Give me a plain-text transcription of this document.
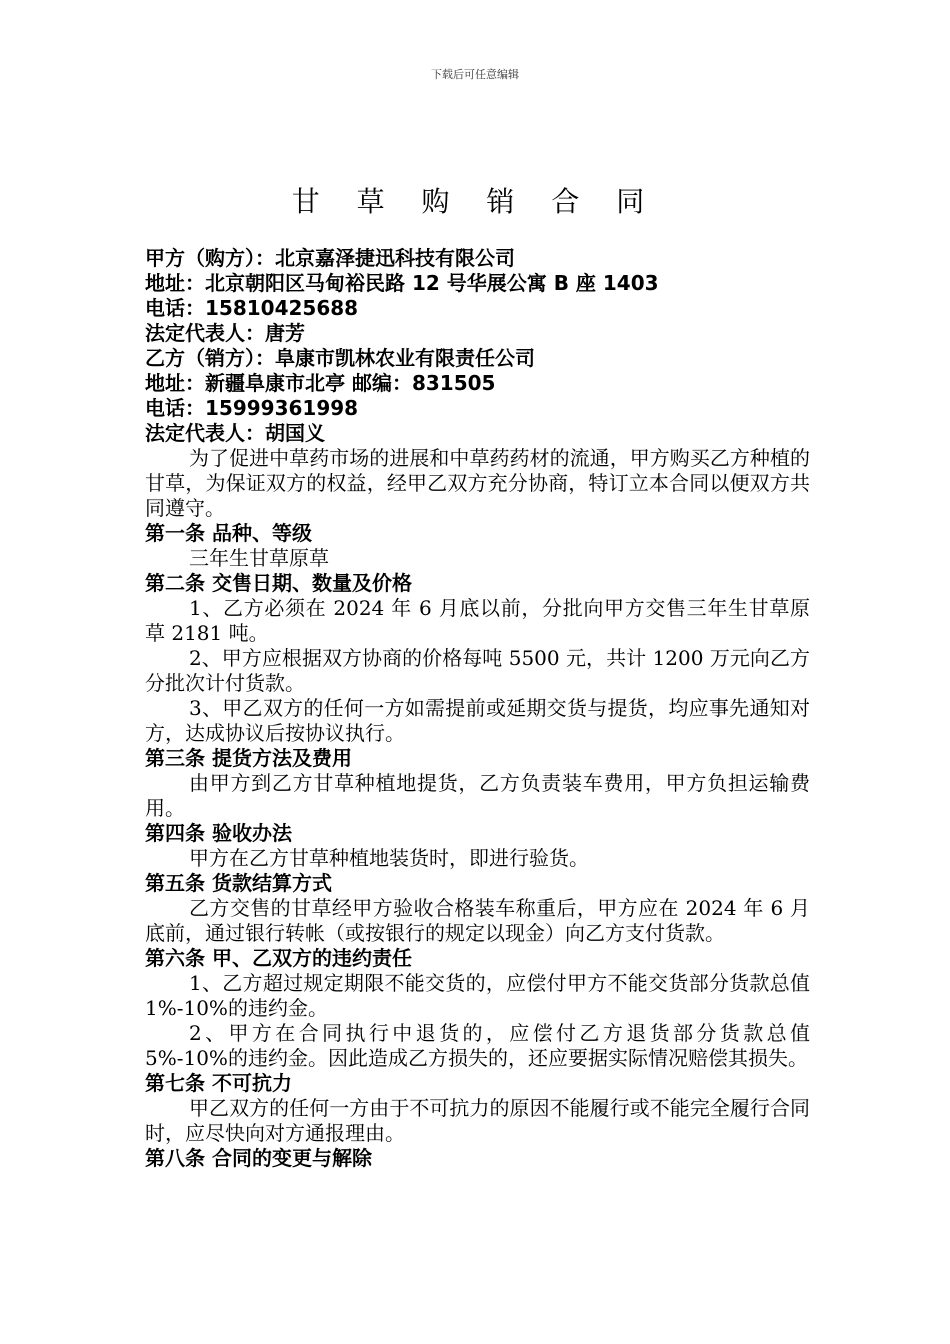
下载后可任意编辑
甘 草 购 销 合 同

甲方（购方）：北京嘉泽捷迅科技有限公司

地址：北京朝阳区马甸裕民路 12 号华展公寓 B 座 1403

电话：15810425688

法定代表人：唐芳

乙方（销方）：阜康市凯林农业有限责任公司

地址：新疆阜康市北亭 邮编：831505

电话：15999361998

法定代表人：胡国义

为了促进中草药市场的进展和中草药药材的流通，甲方购买乙方种植的甘草，为保证双方的权益，经甲乙双方充分协商，特订立本合同以便双方共同遵守。

第一条 品种、等级

三年生甘草原草

第二条 交售日期、数量及价格

1、乙方必须在 2024 年 6 月底以前，分批向甲方交售三年生甘草原草 2181 吨。

2、甲方应根据双方协商的价格每吨 5500 元，共计 1200 万元向乙方分批次计付货款。

3、甲乙双方的任何一方如需提前或延期交货与提货，均应事先通知对方，达成协议后按协议执行。

第三条 提货方法及费用

由甲方到乙方甘草种植地提货，乙方负责装车费用，甲方负担运输费用。

第四条 验收办法

甲方在乙方甘草种植地装货时，即进行验货。

第五条 货款结算方式

乙方交售的甘草经甲方验收合格装车称重后，甲方应在 2024 年 6 月底前，通过银行转帐（或按银行的规定以现金）向乙方支付货款。

第六条 甲、乙双方的违约责任

1、乙方超过规定期限不能交货的，应偿付甲方不能交货部分货款总值 1%-10%的违约金。

2、甲方在合同执行中退货的，应偿付乙方退货部分货款总值 5%-10%的违约金。因此造成乙方损失的，还应要据实际情况赔偿其损失。

第七条 不可抗力

甲乙双方的任何一方由于不可抗力的原因不能履行或不能完全履行合同时，应尽快向对方通报理由。

第八条 合同的变更与解除
